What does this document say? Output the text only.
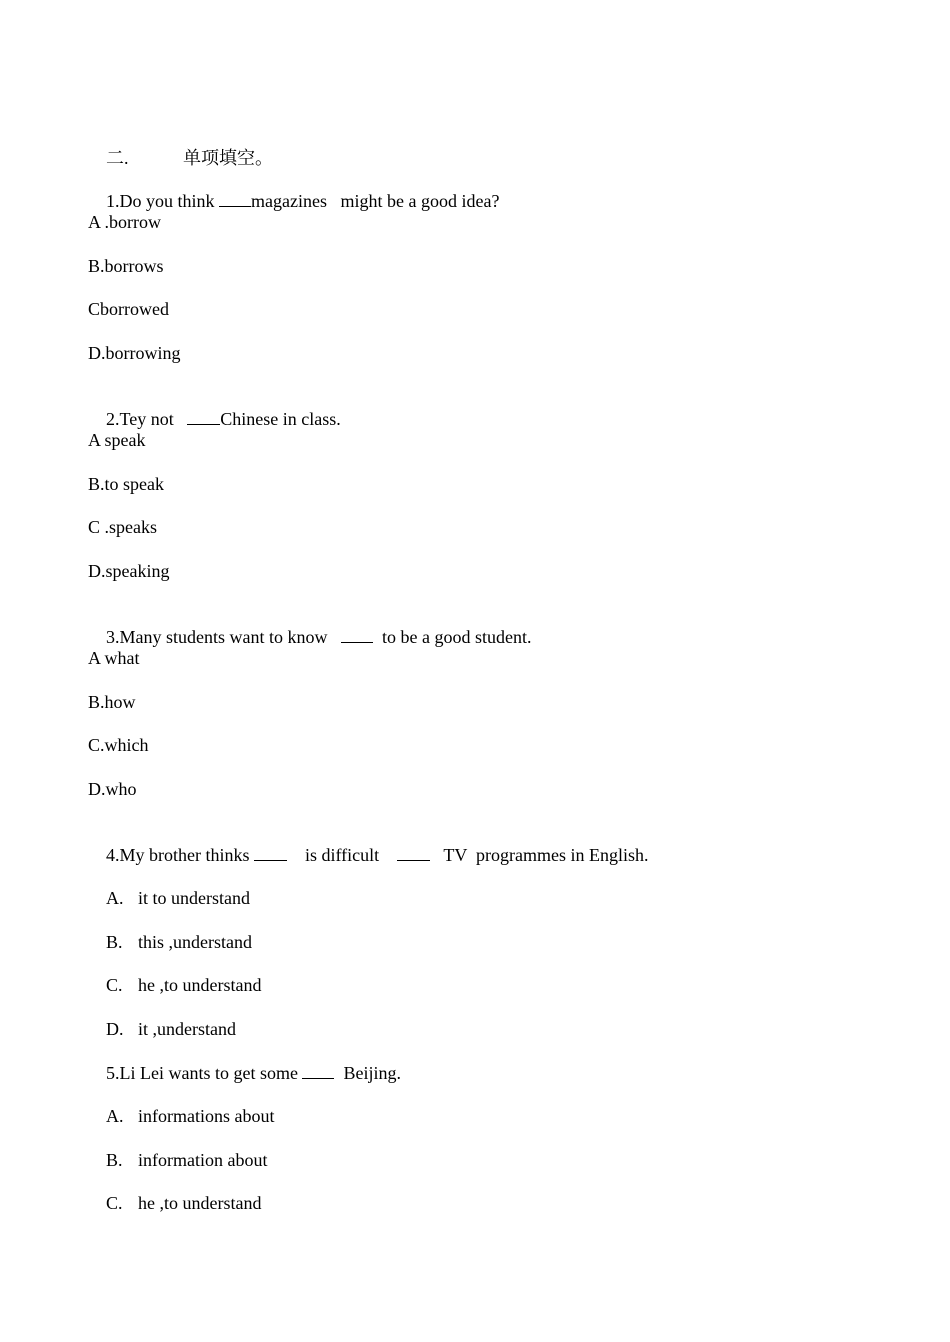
二.	单项填空。

1.Do you think magazines   might be a good idea?

A .borrow
B.borrows
Cborrowed
D.borrowing

2.Tey not   Chinese in class.

A speak
B.to speak
C .speaks
D.speaking

3.Many students want to know     to be a good student.

A what
B.how
C.which
D.who

4.My brother thinks     is difficult       TV  programmes in English.

A. it to understand

B. this ,understand

C. he ,to understand

D. it ,understand

5.Li Lei wants to get some   Beijing.

A. informations about

B. information about

C. he ,to understand
